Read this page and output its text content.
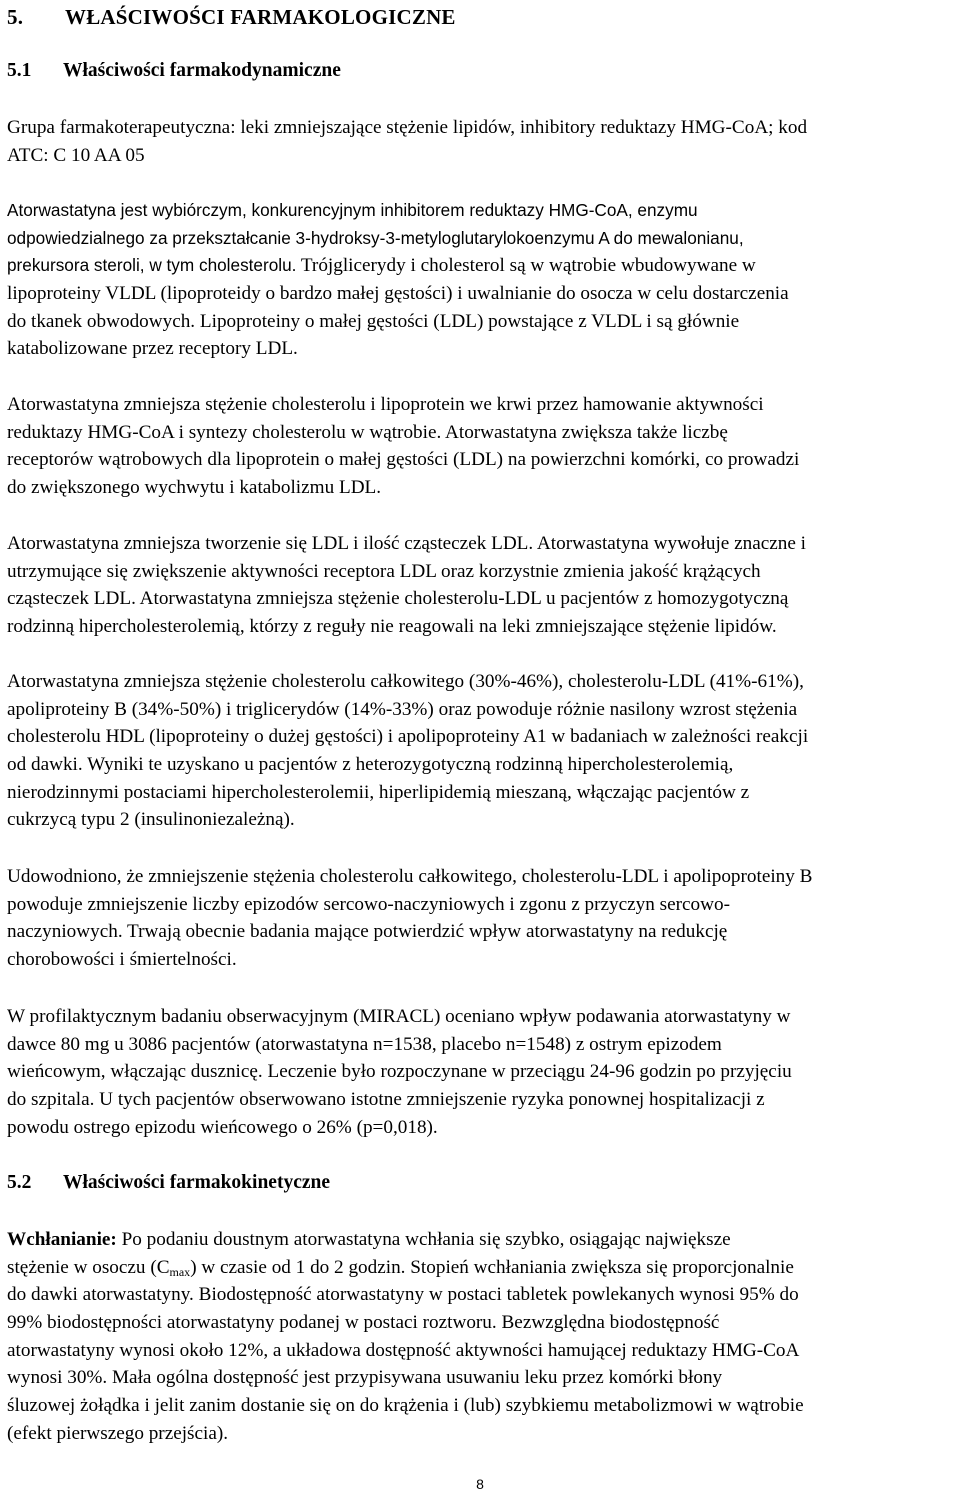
5. WŁAŚCIWOŚCI FARMAKOLOGICZNE
5.1 Właściwości farmakodynamiczne
Grupa farmakoterapeutyczna: leki zmniejszające stężenie lipidów, inhibitory reduktazy HMG-CoA; kod
ATC: C 10 AA 05
Atorwastatyna jest wybiórczym, konkurencyjnym inhibitorem reduktazy HMG-CoA, enzymu
odpowiedzialnego za przekształcanie 3-hydroksy-3-metyloglutarylokoenzymu A do mewalonianu,
prekursora steroli, w tym cholesterolu. Trójglicerydy i cholesterol są w wątrobie wbudowywane w
lipoproteiny VLDL (lipoproteidy o bardzo małej gęstości) i uwalnianie do osocza w celu dostarczenia
do tkanek obwodowych. Lipoproteiny o małej gęstości (LDL) powstające z VLDL i są głównie
katabolizowane przez receptory LDL.
Atorwastatyna zmniejsza stężenie cholesterolu i lipoprotein we krwi przez hamowanie aktywności
reduktazy HMG-CoA i syntezy cholesterolu w wątrobie. Atorwastatyna zwiększa także liczbę
receptorów wątrobowych dla lipoprotein o małej gęstości (LDL) na powierzchni komórki, co prowadzi
do zwiększonego wychwytu i katabolizmu LDL.
Atorwastatyna zmniejsza tworzenie się LDL i ilość cząsteczek LDL. Atorwastatyna wywołuje znaczne i
utrzymujące się zwiększenie aktywności receptora LDL oraz korzystnie zmienia jakość krążących
cząsteczek LDL. Atorwastatyna zmniejsza stężenie cholesterolu-LDL u pacjentów z homozygotyczną
rodzinną hipercholesterolemią, którzy z reguły nie reagowali na leki zmniejszające stężenie lipidów.
Atorwastatyna zmniejsza stężenie cholesterolu całkowitego (30%-46%), cholesterolu-LDL (41%-61%),
apoliproteiny B (34%-50%) i triglicerydów (14%-33%) oraz powoduje różnie nasilony wzrost stężenia
cholesterolu HDL (lipoproteiny o dużej gęstości) i apolipoproteiny A1 w badaniach w zależności reakcji
od dawki. Wyniki te uzyskano u pacjentów z heterozygotyczną rodzinną hipercholesterolemią,
nierodzinnymi postaciami hipercholesterolemii, hiperlipidemią mieszaną, włączając pacjentów z
cukrzycą typu 2 (insulinoniezależną).
Udowodniono, że zmniejszenie stężenia cholesterolu całkowitego, cholesterolu-LDL i apolipoproteiny B
powoduje zmniejszenie liczby epizodów sercowo-naczyniowych i zgonu z przyczyn sercowo-
naczyniowych. Trwają obecnie badania mające potwierdzić wpływ atorwastatyny na redukcję
chorobowości i śmiertelności.
W profilaktycznym badaniu obserwacyjnym (MIRACL) oceniano wpływ podawania atorwastatyny w
dawce 80 mg u 3086 pacjentów (atorwastatyna n=1538, placebo n=1548) z ostrym epizodem
wieńcowym, włączając duszniсę. Leczenie było rozpoczynane w przeciągu 24-96 godzin po przyjęciu
do szpitala. U tych pacjentów obserwowano istotne zmniejszenie ryzyka ponownej hospitalizacji z
powodu ostrego epizodu wieńcowego o 26% (p=0,018).
5.2 Właściwości farmakokinetyczne
Wchłanianie: Po podaniu doustnym atorwastatyna wchłania się szybko, osiągając największe
stężenie w osoczu $(C_{max})$ w czasie od 1 do 2 godzin. Stopień wchłaniania zwiększa się proporcjonalnie
do dawki atorwastatyny. Biodostępność atorwastatyny w postaci tabletek powlekanych wynosi 95% do
99% biodostępności atorwastatyny podanej w postaci roztworu. Bezwzględna biodostępność
atorwastatyny wynosi około 12%, a układowa dostępność aktywności hamującej reduktazy HMG-CoA
wynosi 30%. Mała ogólna dostępność jest przypisywana usuwaniu leku przez komórki błony
śluzowej żołądka i jelit zanim dostanie się on do krążenia i (lub) szybkiemu metabolizmowi w wątrobie
(efekt pierwszego przejścia).
8
